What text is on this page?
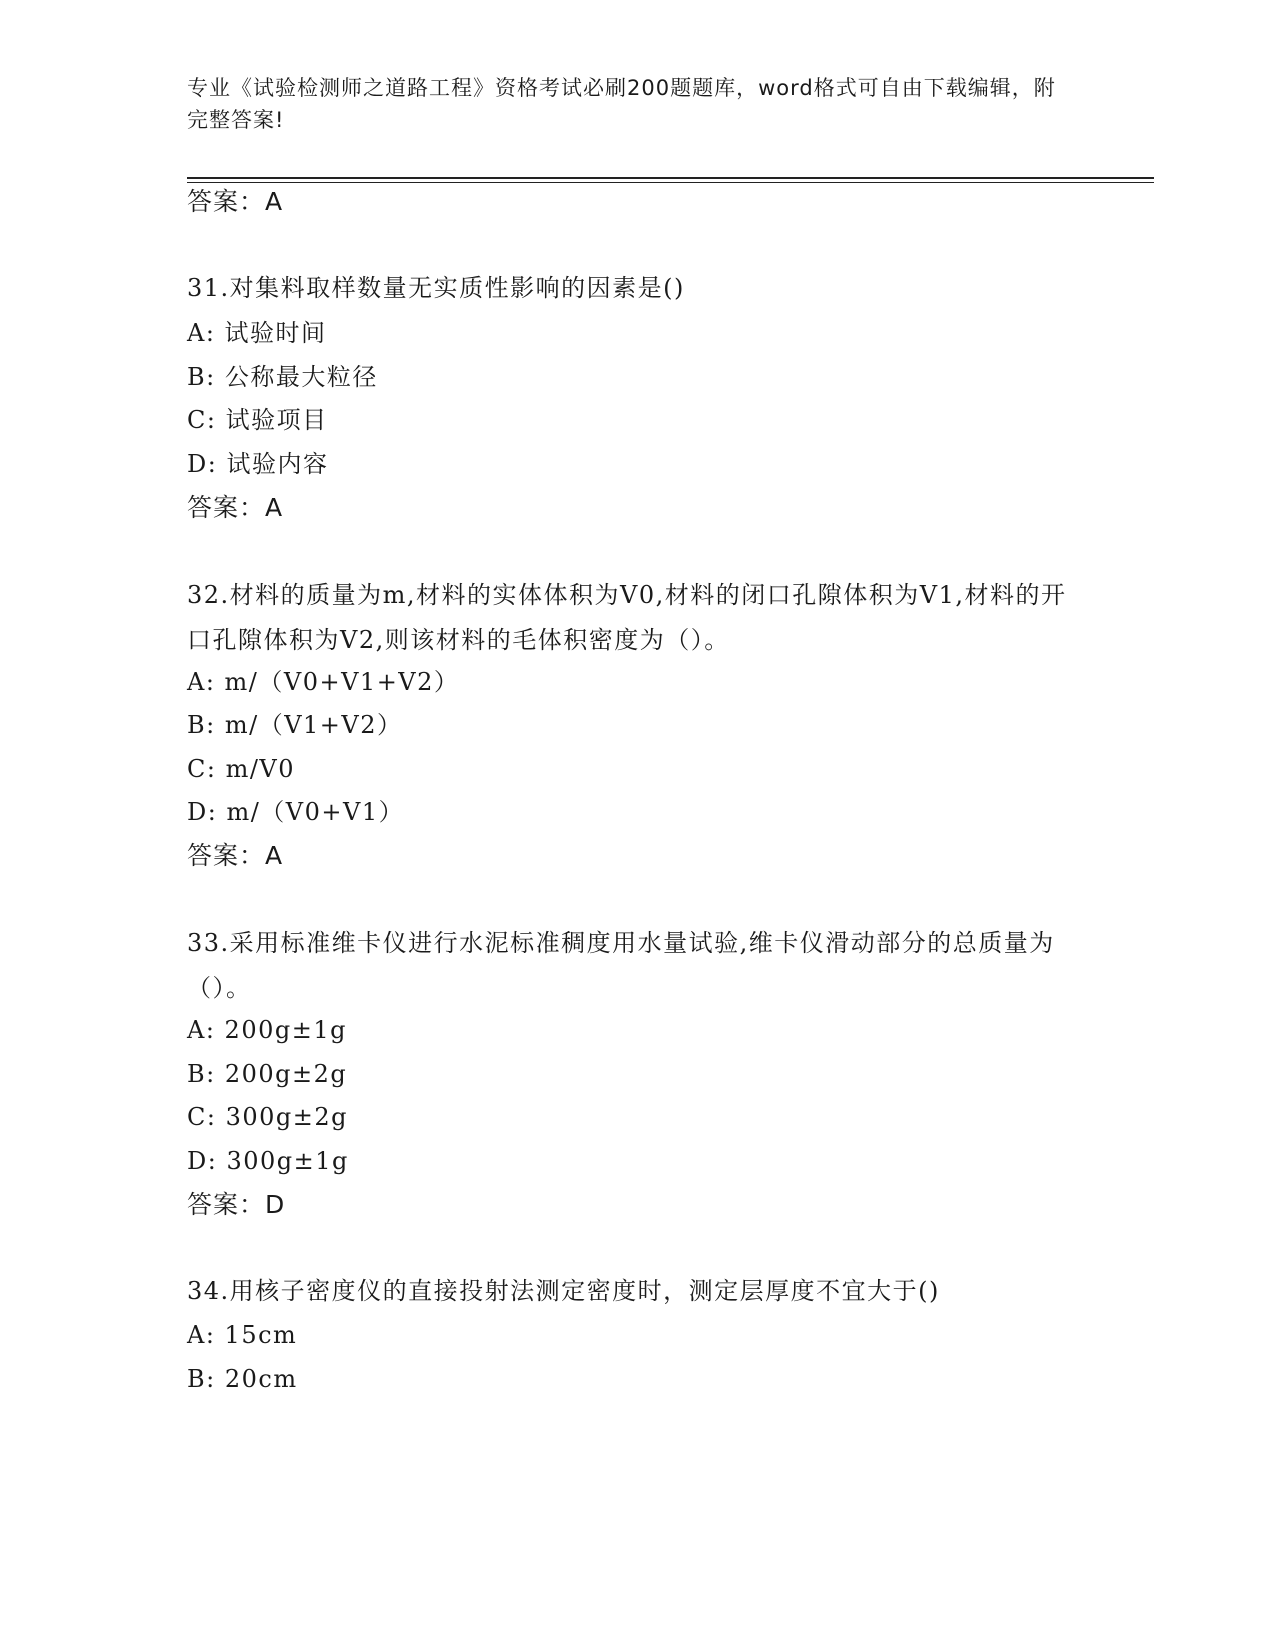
专业《试验检测师之道路工程》资格考试必刷200题题库，word格式可自由下载编辑，附完整答案!
答案：A
31.对集料取样数量无实质性影响的因素是()
A: 试验时间
B: 公称最大粒径
C: 试验项目
D: 试验内容
答案：A
32.材料的质量为m,材料的实体体积为V0,材料的闭口孔隙体积为V1,材料的开口孔隙体积为V2,则该材料的毛体积密度为（）。
A: m/（V0+V1+V2）
B: m/（V1+V2）
C: m/V0
D: m/（V0+V1）
答案：A
33.采用标准维卡仪进行水泥标准稠度用水量试验,维卡仪滑动部分的总质量为（）。
A: 200g±1g
B: 200g±2g
C: 300g±2g
D: 300g±1g
答案：D
34.用核子密度仪的直接投射法测定密度时，测定层厚度不宜大于()
A: 15cm
B: 20cm
